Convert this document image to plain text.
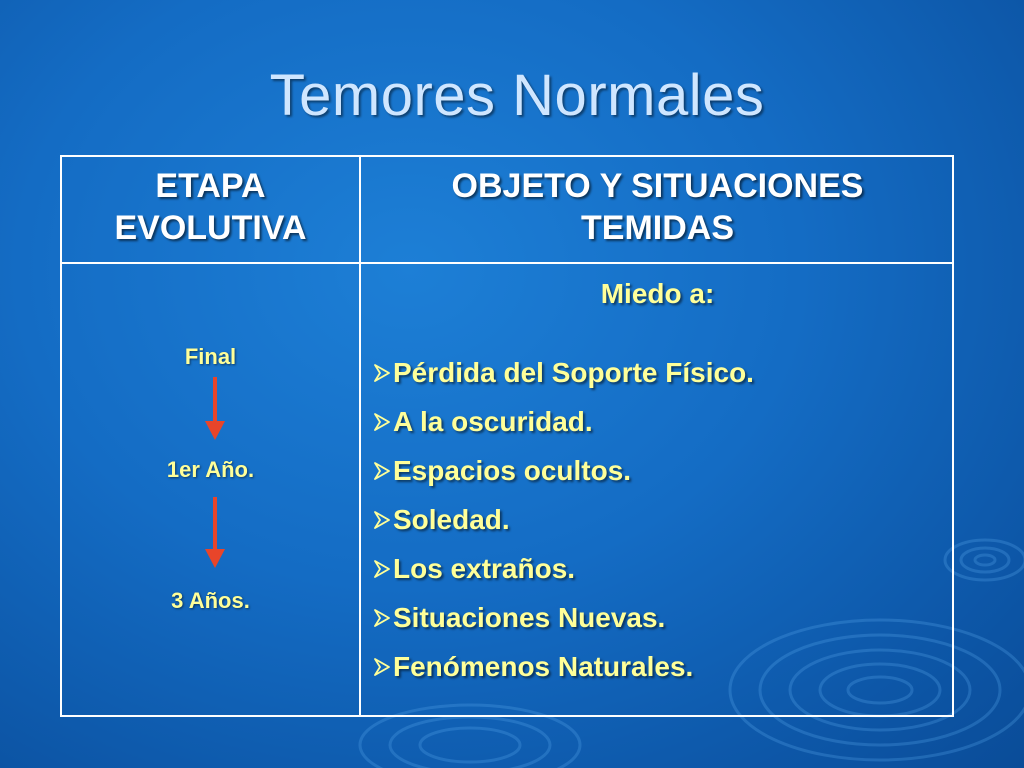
Temores Normales
ETAPA
EVOLUTIVA
OBJETO Y SITUACIONES
TEMIDAS
Final
1er Año.
3 Años.
Miedo a:
Pérdida del Soporte Físico.
A la oscuridad.
Espacios ocultos.
Soledad.
Los extraños.
Situaciones Nuevas.
Fenómenos Naturales.
